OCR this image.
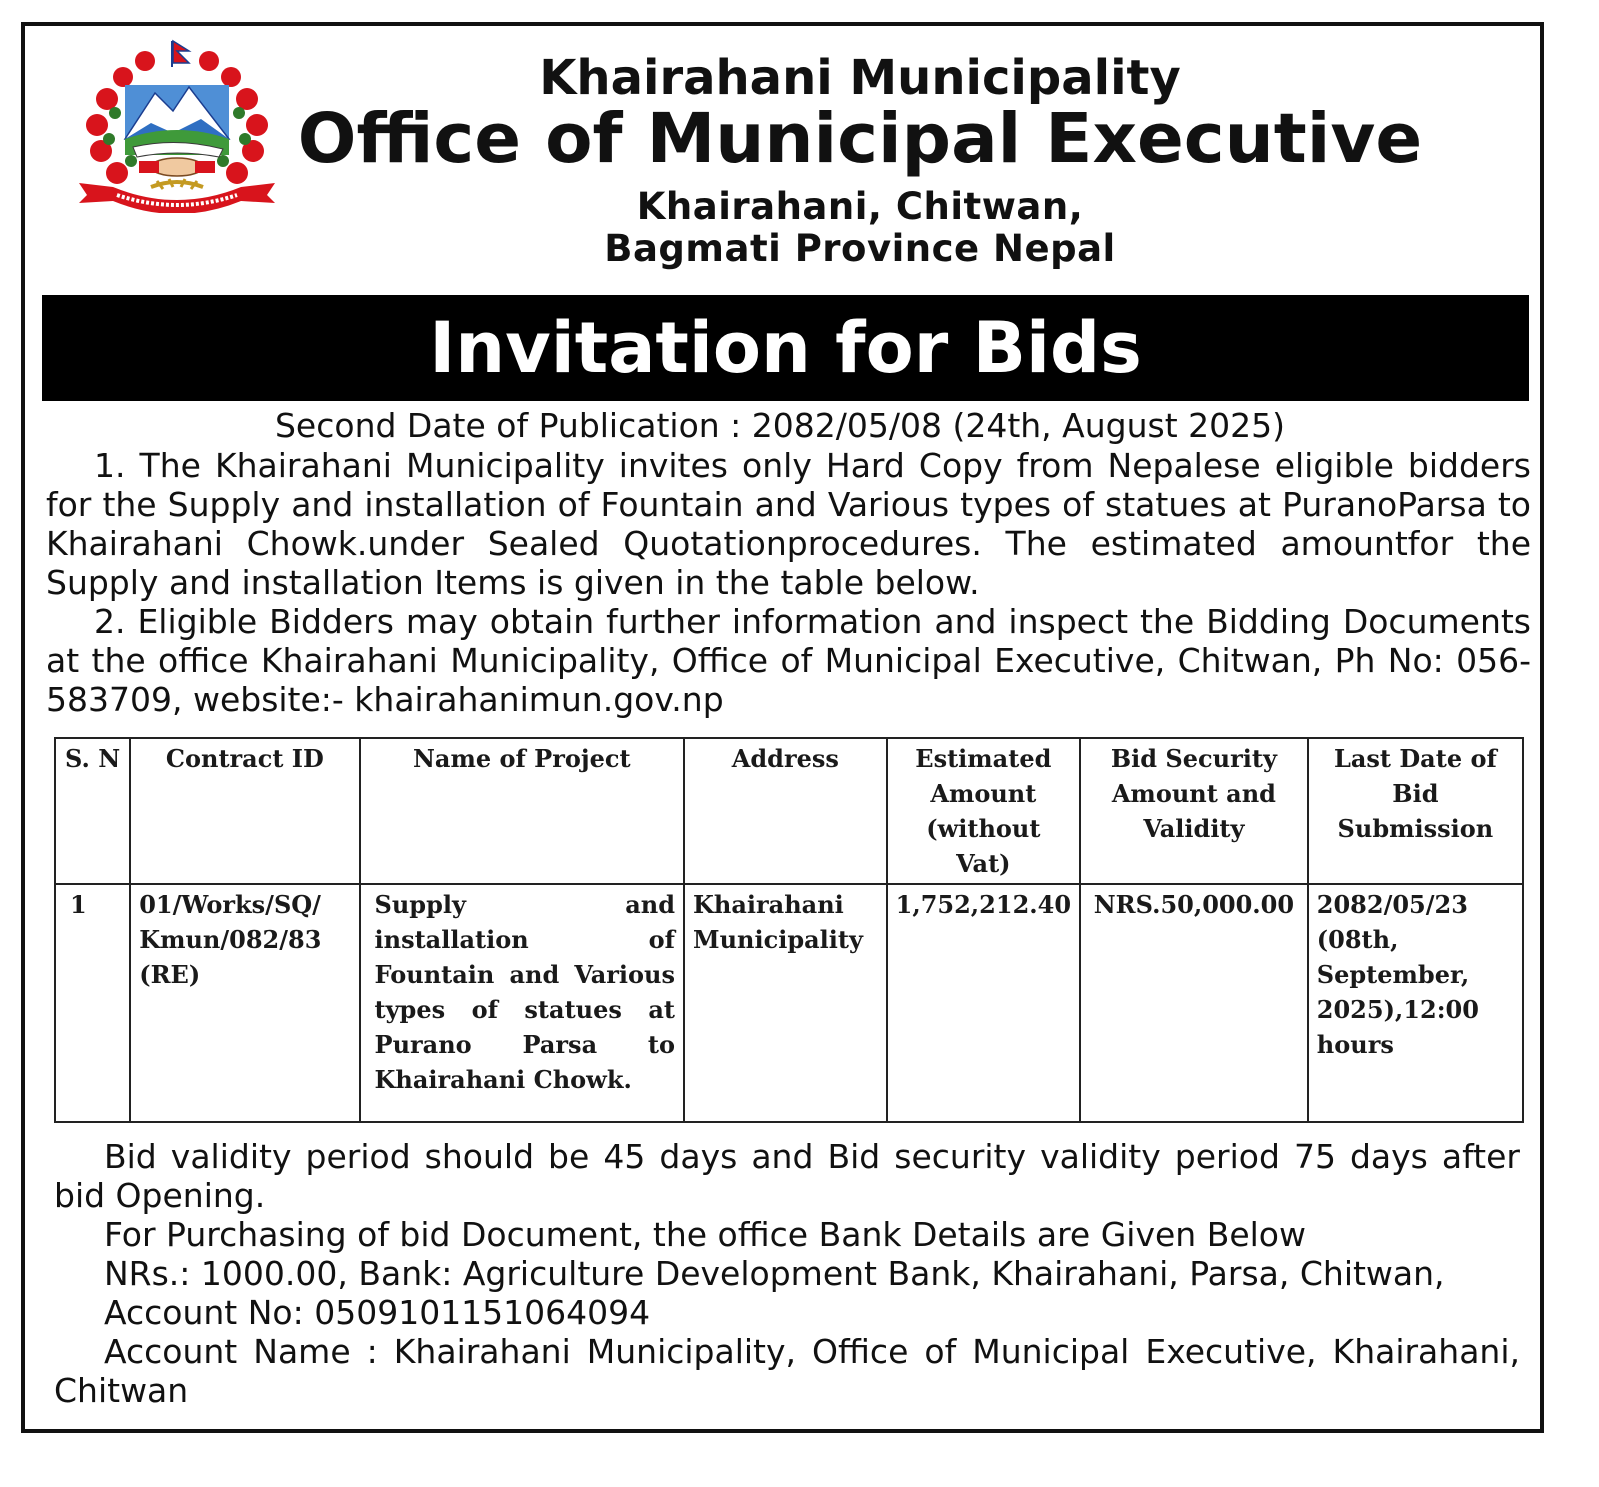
Khairahani Municipality
Office of Municipal Executive
Khairahani, Chitwan,
Bagmati Province Nepal
Invitation for Bids
Second Date of Publication : 2082/05/08 (24th, August 2025)

1. The Khairahani Municipality invites only Hard Copy from Nepalese eligible bidders for the Supply and installation of Fountain and Various types of statues at PuranoParsa to Khairahani Chowk.under Sealed Quotationprocedures. The estimated amountfor the Supply and installation Items is given in the table below.

2. Eligible Bidders may obtain further information and inspect the Bidding Documents at the office Khairahani Municipality, Office of Municipal Executive, Chitwan, Ph No: 056-583709, website:- khairahanimun.gov.np

S. N	Contract ID	Name of Project	Address	Estimated Amount (without Vat)	Bid Security Amount and Validity	Last Date of Bid Submission
1	01/Works/SQ/ Kmun/082/83 (RE)	Supply and installation of Fountain and Various types of statues at Purano Parsa to Khairahani Chowk.	Khairahani Municipality	1,752,212.40	NRS.50,000.00	2082/05/23 (08th, September, 2025),12:00 hours

Bid validity period should be 45 days and Bid security validity period 75 days after bid Opening.

For Purchasing of bid Document, the office Bank Details are Given Below

NRs.: 1000.00, Bank: Agriculture Development Bank, Khairahani, Parsa, Chitwan,

Account No: 0509101151064094

Account Name : Khairahani Municipality, Office of Municipal Executive, Khairahani, Chitwan
